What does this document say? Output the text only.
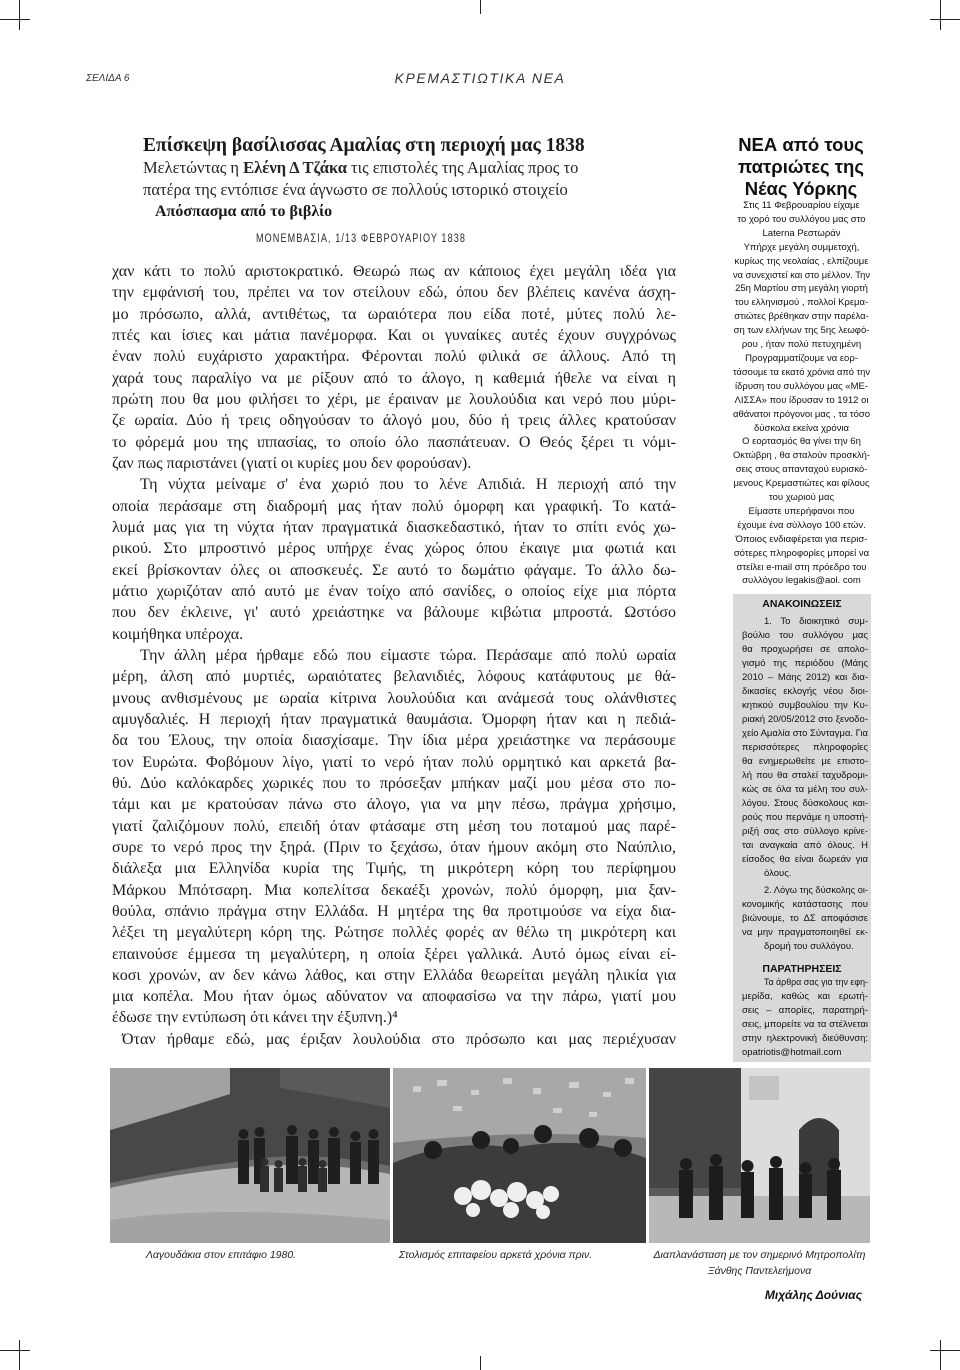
ΣΕΛΙΔΑ 6	ΚΡΕΜΑΣΤΙΩΤΙΚΑ ΝΕΑ
Επίσκεψη βασίλισσας Αμαλίας στη περιοχή μας 1838
Μελετώντας η Ελένη Δ Τζάκα τις επιστολές της Αμαλίας προς το
πατέρα της εντόπισε ένα άγνωστο σε πολλούς ιστορικό στοιχείο
Απόσπασμα από το βιβλίο
ΜΟΝΕΜΒΑΣΙΑ, 1/13 ΦΕΒΡΟΥΑΡΙΟΥ 1838
χαν κάτι το πολύ αριστοκρατικό. Θεωρώ πως αν κάποιος έχει μεγάλη ιδέα για
την εμφάνισή του, πρέπει να τον στείλουν εδώ, όπου δεν βλέπεις κανένα άσχη-
μο πρόσωπο, αλλά, αντιθέτως, τα ωραιότερα που είδα ποτέ, μύτες πολύ λε-
πτές και ίσιες και μάτια πανέμορφα. Και οι γυναίκες αυτές έχουν συγχρόνως
έναν πολύ ευχάριστο χαρακτήρα. Φέρονται πολύ φιλικά σε άλλους. Από τη
χαρά τους παραλίγο να με ρίξουν από το άλογο, η καθεμιά ήθελε να είναι η
πρώτη που θα μου φιλήσει το χέρι, με έραιναν με λουλούδια και νερό που μύρι-
ζε ωραία. Δύο ή τρεις οδηγούσαν το άλογό μου, δύο ή τρεις άλλες κρατούσαν
το φόρεμά μου της ιππασίας, το οποίο όλο πασπάτευαν. Ο Θεός ξέρει τι νόμι-
ζαν πως παριστάνει (γιατί οι κυρίες μου δεν φορούσαν).
Τη νύχτα μείναμε σ' ένα χωριό που το λένε Απιδιά. Η περιοχή από την
οποία περάσαμε στη διαδρομή μας ήταν πολύ όμορφη και γραφική. Το κατά-
λυμά μας για τη νύχτα ήταν πραγματικά διασκεδαστικό, ήταν το σπίτι ενός χω-
ρικού. Στο μπροστινό μέρος υπήρχε ένας χώρος όπου έκαιγε μια φωτιά και
εκεί βρίσκονταν όλες οι αποσκευές. Σε αυτό το δωμάτιο φάγαμε. Το άλλο δω-
μάτιο χωριζόταν από αυτό με έναν τοίχο από σανίδες, ο οποίος είχε μια πόρτα
που δεν έκλεινε, γι' αυτό χρειάστηκε να βάλουμε κιβώτια μπροστά. Ωστόσο
κοιμήθηκα υπέροχα.
Την άλλη μέρα ήρθαμε εδώ που είμαστε τώρα. Περάσαμε από πολύ ωραία
μέρη, άλση από μυρτιές, ωραιότατες βελανιδιές, λόφους κατάφυτους με θά-
μνους ανθισμένους με ωραία κίτρινα λουλούδια και ανάμεσά τους ολάνθιστες
αμυγδαλιές. Η περιοχή ήταν πραγματικά θαυμάσια. Όμορφη ήταν και η πεδιά-
δα του Έλους, την οποία διασχίσαμε. Την ίδια μέρα χρειάστηκε να περάσουμε
τον Ευρώτα. Φοβόμουν λίγο, γιατί το νερό ήταν πολύ ορμητικό και αρκετά βα-
θύ. Δύο καλόκαρδες χωρικές που το πρόσεξαν μπήκαν μαζί μου μέσα στο πο-
τάμι και με κρατούσαν πάνω στο άλογο, για να μην πέσω, πράγμα χρήσιμο,
γιατί ζαλιζόμουν πολύ, επειδή όταν φτάσαμε στη μέση του ποταμού μας παρέ-
συρε το νερό προς την ξηρά. (Πριν το ξεχάσω, όταν ήμουν ακόμη στο Ναύπλιο,
διάλεξα μια Ελληνίδα κυρία της Τιμής, τη μικρότερη κόρη του περίφημου
Μάρκου Μπότσαρη. Μια κοπελίτσα δεκαέξι χρονών, πολύ όμορφη, μια ξαν-
θούλα, σπάνιο πράγμα στην Ελλάδα. Η μητέρα της θα προτιμούσε να είχα δια-
λέξει τη μεγαλύτερη κόρη της. Ρώτησε πολλές φορές αν θέλω τη μικρότερη και
επαινούσε έμμεσα τη μεγαλύτερη, η οποία ξέρει γαλλικά. Αυτό όμως είναι εί-
κοσι χρονών, αν δεν κάνω λάθος, και στην Ελλάδα θεωρείται μεγάλη ηλικία για
μια κοπέλα. Μου ήταν όμως αδύνατον να αποφασίσω να την πάρω, γιατί μου
έδωσε την εντύπωση ότι κάνει την έξυπνη.)⁴
Όταν ήρθαμε εδώ, μας έριξαν λουλούδια στο πρόσωπο και μας περιέχυσαν
ΝΕΑ από τους
πατριώτες της
Νέας Υόρκης
Στις 11 Φεβρουαρίου είχαμε
το χορό του συλλόγου μας στο
Laterna Ρεστωράν
Υπήρχε μεγάλη συμμετοχή,
κυρίως της νεολαίας , ελπίζουμε
να συνεχιστεί και στο μέλλον. Την
25η Μαρτίου στη μεγάλη γιορτή
του ελληνισμού , πολλοί Κρεμα-
στιώτες βρέθηκαν στην παρέλα-
ση των ελλήνων της 5ης λεωφό-
ρου , ήταν πολύ πετυχημένη
Προγραμματίζουμε να εορ-
τάσουμε τα εκατό χρόνια από την
ίδρυση του συλλόγου μας «ΜΕ-
ΛΙΣΣΑ» που ίδρυσαν το 1912 οι
αθάνατοι πρόγονοι μας , τα τόσο
δύσκολα εκείνα χρόνια
Ο εορτασμός θα γίνει την 6η
Οκτώβρη , θα σταλούν προσκλή-
σεις στους απανταχού ευρισκό-
μενους Κρεμαστιώτες και φίλους
του χωριού μας
Είμαστε υπερήφανοι που
έχουμε ένα σύλλογο 100 ετών.
Όποιος ενδιαφέρεται για περισ-
σότερες πληροφορίες μπορεί να
στείλει e-mail στη πρόεδρο του
συλλόγου legakis@aol. com
ΑΝΑΚΟΙΝΩΣΕΙΣ
1. Το διοικητικό συμ-
βούλιο του συλλόγου μας
θα προχωρήσει σε απολο-
γισμό της περιόδου (Μάης
2010 – Μάης 2012) και δια-
δικασίες εκλογής νέου διοι-
κητικού συμβουλίου την Κυ-
ριακή 20/05/2012 στο ξενοδο-
χείο Αμαλία στο Σύνταγμα. Για
περισσότερες πληροφορίες
θα ενημερωθείτε με επιστο-
λή που θα σταλεί ταχυδρομι-
κώς σε όλα τα μέλη του συλ-
λόγου. Στους δύσκολους και-
ρούς που περνάμε η υποστή-
ριξή σας στο σύλλογο κρίνε-
ται αναγκαία από όλους. Η
είσοδος θα είναι δωρεάν για
όλους.
2. Λόγω της δύσκολης οι-
κονομικής κατάστασης που
βιώνουμε, το ΔΣ αποφάσισε
να μην πραγματοποιηθεί εκ-
δρομή του συλλόγου.
ΠΑΡΑΤΗΡΗΣΕΙΣ
Τα άρθρα σας για την εφη-
μερίδα, καθώς και ερωτή-
σεις – απορίες, παρατηρή-
σεις, μπορείτε να τα στέλνεται
στην ηλεκτρονική διεύθυνση:
opatriotis@hotmail.com
Λαγουδάκια στον επιτάφιο 1980.	Στολισμός επιταφείου αρκετά χρόνια πριν.	Διαπλανάσταση με τον σημερινό Μητροπολίτη
Ξάνθης Παντελεήμονα
Μιχάλης Δούνιας
